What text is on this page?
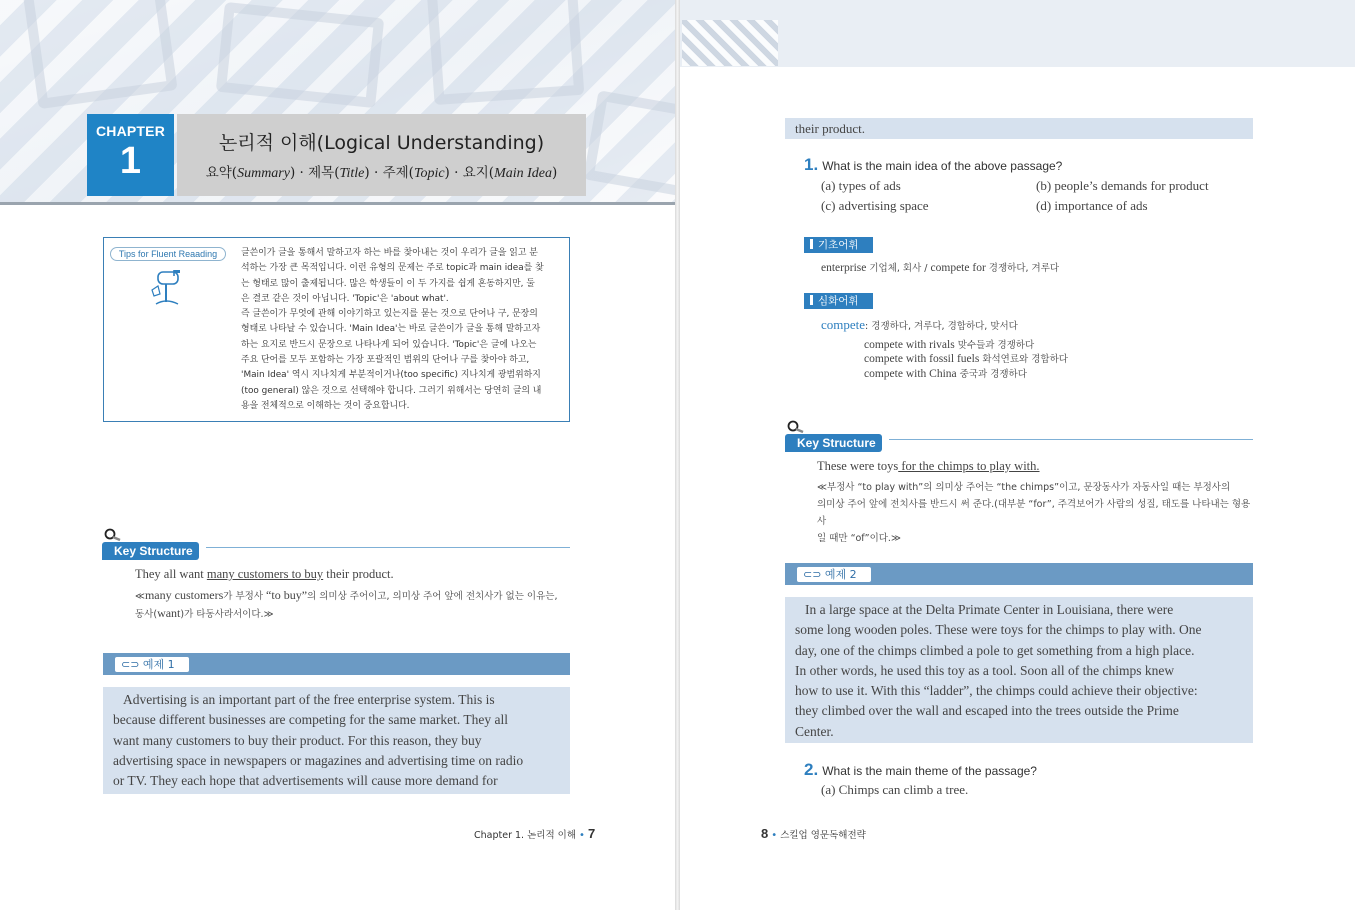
CHAPTER
1	논리적 이해(Logical Understanding)
요약(Summary) · 제목(Title) · 주제(Topic) · 요지(Main Idea)
Tips for Fluent Reaading	글쓴이가 글을 통해서 말하고자 하는 바를 찾아내는 것이 우리가 글을 읽고 분
석하는 가장 큰 목적입니다. 이런 유형의 문제는 주로 topic과 main idea를 찾
는 형태로 많이 출제됩니다. 많은 학생들이 이 두 가지를 쉽게 혼동하지만, 둘
은 결코 같은 것이 아닙니다. 'Topic'은 'about what'.
즉 글쓴이가 무엇에 관해 이야기하고 있는지를 묻는 것으로 단어나 구, 문장의
형태로 나타날 수 있습니다. 'Main Idea'는 바로 글쓴이가 글을 통해 말하고자
하는 요지로 반드시 문장으로 나타나게 되어 있습니다. 'Topic'은 글에 나오는
주요 단어를 모두 포함하는 가장 포괄적인 범위의 단어나 구를 찾아야 하고,
'Main Idea' 역시 지나치게 부분적이거나(too specific) 지나치게 광범위하지
(too general) 않은 것으로 선택해야 합니다. 그러기 위해서는 당연히 글의 내
용을 전체적으로 이해하는 것이 중요합니다.
Key Structure
They all want many customers to buy their product.
≪many customers가 부정사 “to buy”의 의미상 주어이고, 의미상 주어 앞에 전치사가 없는 이유는,
동사(want)가 타동사라서이다.≫
⊂⊃ 예제 1
Advertising is an important part of the free enterprise system. This is
because different businesses are competing for the same market. They all
want many customers to buy their product. For this reason, they buy
advertising space in newspapers or magazines and advertising time on radio
or TV. They each hope that advertisements will cause more demand for
Chapter 1. 논리적 이해 • 7
their product.
1. What is the main idea of the above passage?
(a) types of ads	(b) people’s demands for product
(c) advertising space	(d) importance of ads
기초어휘
enterprise 기업체, 회사 / compete for 경쟁하다, 겨루다
심화어휘
compete: 경쟁하다, 겨루다, 경합하다, 맞서다
compete with rivals 맞수들과 경쟁하다
compete with fossil fuels 화석연료와 경합하다
compete with China 중국과 경쟁하다
Key Structure
These were toys for the chimps to play with.
≪부정사 “to play with”의 의미상 주어는 “the chimps”이고, 문장동사가 자동사일 때는 부정사의
의미상 주어 앞에 전치사를 반드시 써 준다.(대부분 “for”, 주격보어가 사람의 성질, 태도를 나타내는 형용사
일 때만 “of”이다.≫
⊂⊃ 예제 2
In a large space at the Delta Primate Center in Louisiana, there were
some long wooden poles. These were toys for the chimps to play with. One
day, one of the chimps climbed a pole to get something from a high place.
In other words, he used this toy as a tool. Soon all of the chimps knew
how to use it. With this “ladder”, the chimps could achieve their objective:
they climbed over the wall and escaped into the trees outside the Prime
Center.
2. What is the main theme of the passage?
(a) Chimps can climb a tree.
8 • 스킬업 영문독해전략
